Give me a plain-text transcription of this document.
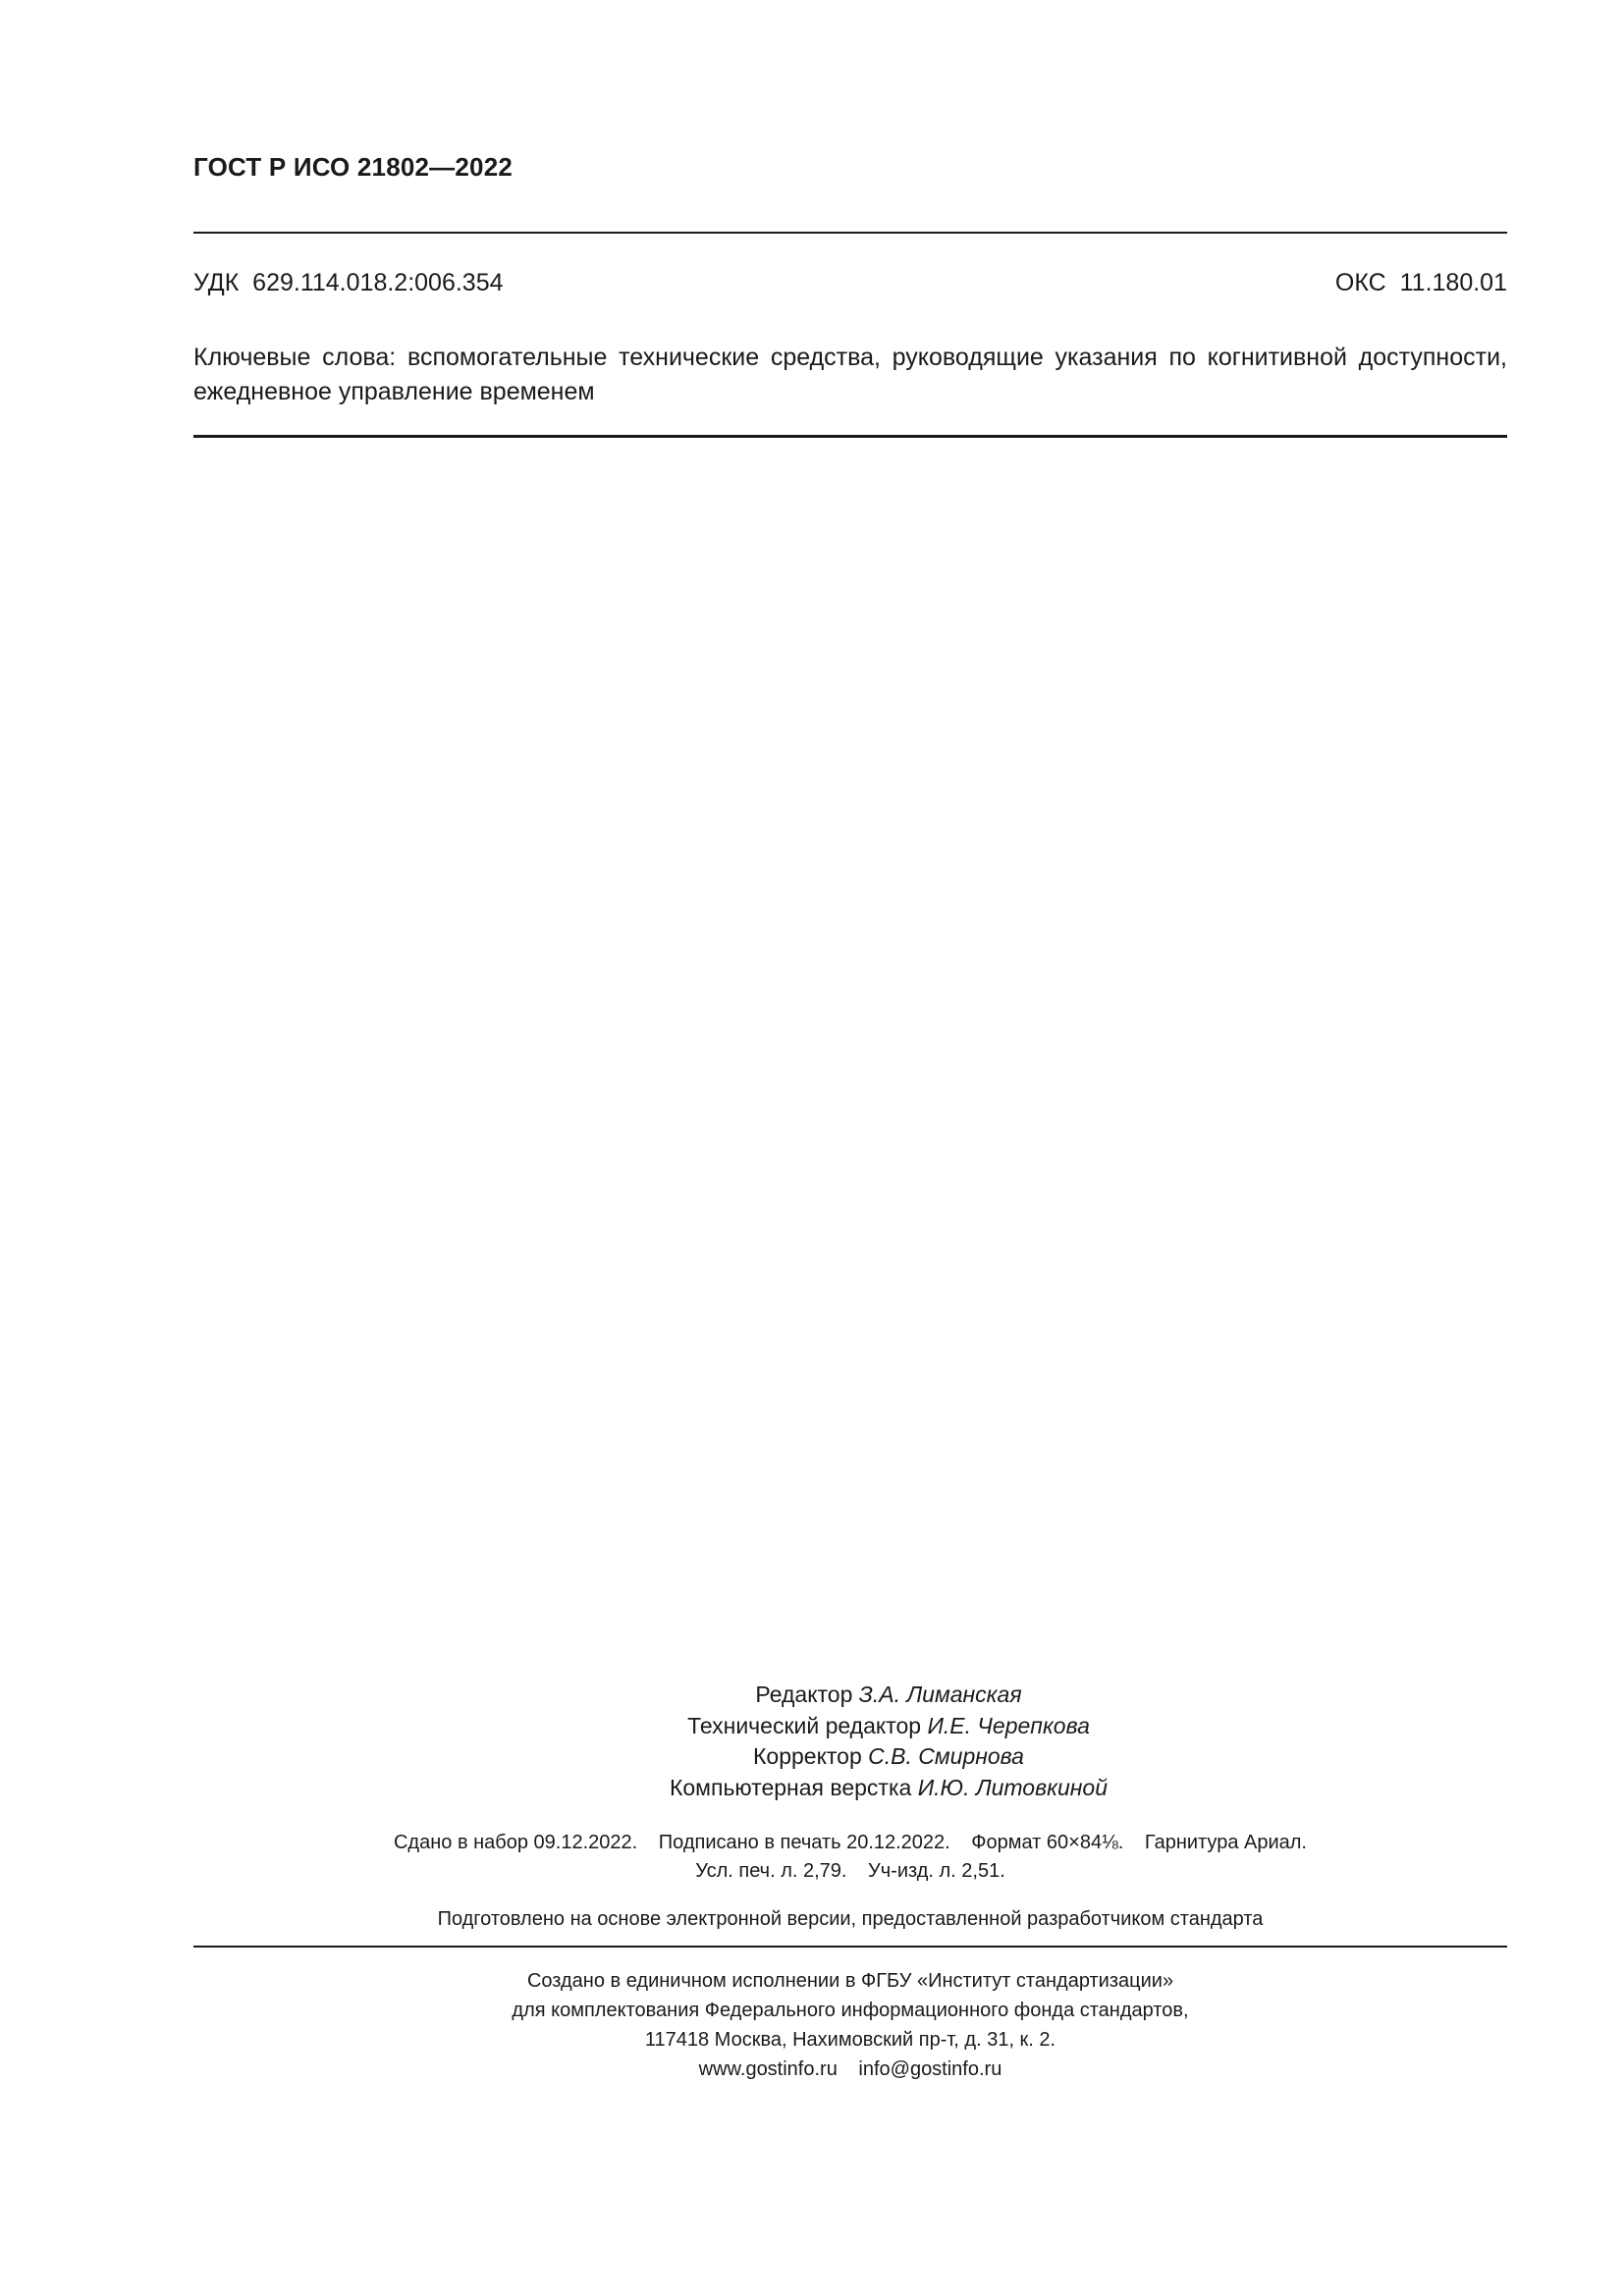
ГОСТ Р ИСО 21802—2022
УДК 629.114.018.2:006.354	ОКС 11.180.01
Ключевые слова: вспомогательные технические средства, руководящие указания по когнитивной доступности, ежедневное управление временем
Редактор З.А. Лиманская
Технический редактор И.Е. Черепкова
Корректор С.В. Смирнова
Компьютерная верстка И.Ю. Литовкиной
Сдано в набор 09.12.2022. Подписано в печать 20.12.2022. Формат 60×84⅛. Гарнитура Ариал.
Усл. печ. л. 2,79. Уч-изд. л. 2,51.
Подготовлено на основе электронной версии, предоставленной разработчиком стандарта
Создано в единичном исполнении в ФГБУ «Институт стандартизации»
для комплектования Федерального информационного фонда стандартов,
117418 Москва, Нахимовский пр-т, д. 31, к. 2.
www.gostinfo.ru info@gostinfo.ru
